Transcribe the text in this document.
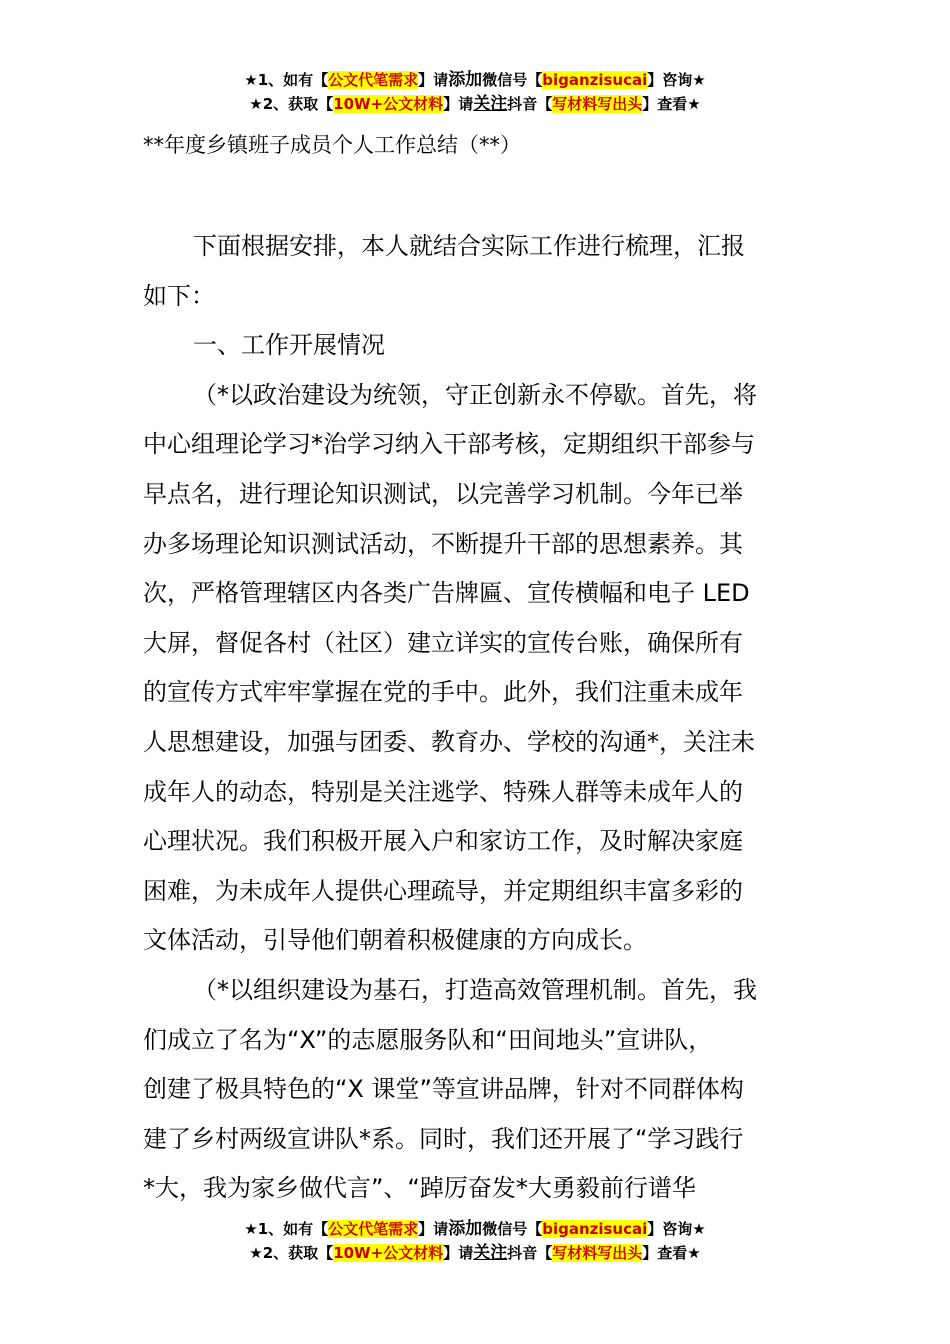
★1、如有【公文代笔需求】请添加微信号【biganzisucai】咨询★
★2、获取【10W+公文材料】请关注抖音【写材料写出头】查看★
**年度乡镇班子成员个人工作总结（**）
下面根据安排，本人就结合实际工作进行梳理，汇报
如下：
一、工作开展情况
（*以政治建设为统领，守正创新永不停歇。首先，将
中心组理论学习*治学习纳入干部考核，定期组织干部参与
早点名，进行理论知识测试，以完善学习机制。今年已举
办多场理论知识测试活动，不断提升干部的思想素养。其
次，严格管理辖区内各类广告牌匾、宣传横幅和电子 LED
大屏，督促各村（社区）建立详实的宣传台账，确保所有
的宣传方式牢牢掌握在党的手中。此外，我们注重未成年
人思想建设，加强与团委、教育办、学校的沟通*，关注未
成年人的动态，特别是关注逃学、特殊人群等未成年人的
心理状况。我们积极开展入户和家访工作，及时解决家庭
困难，为未成年人提供心理疏导，并定期组织丰富多彩的
文体活动，引导他们朝着积极健康的方向成长。
（*以组织建设为基石，打造高效管理机制。首先，我
们成立了名为“X”的志愿服务队和“田间地头”宣讲队，
创建了极具特色的“X 课堂”等宣讲品牌，针对不同群体构
建了乡村两级宣讲队*系。同时，我们还开展了“学习践行
*大，我为家乡做代言”、“踔厉奋发*大勇毅前行谱华
★1、如有【公文代笔需求】请添加微信号【biganzisucai】咨询★
★2、获取【10W+公文材料】请关注抖音【写材料写出头】查看★
